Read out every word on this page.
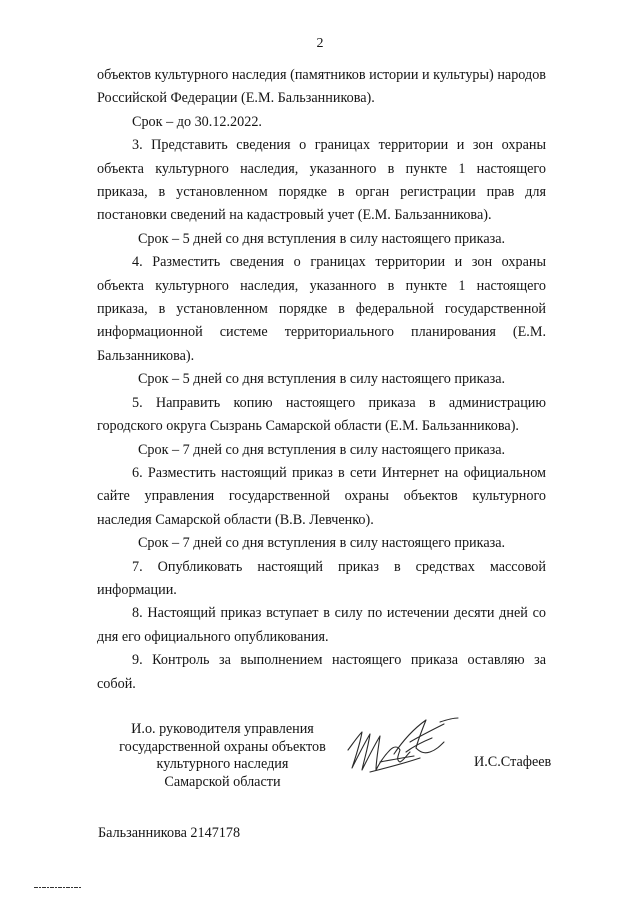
2

объектов культурного наследия (памятников истории и культуры) народов Российской Федерации (Е.М. Бальзанникова).

Срок – до 30.12.2022.

3. Представить сведения о границах территории и зон охраны объекта культурного наследия, указанного в пункте 1 настоящего приказа, в установленном порядке в орган регистрации прав для постановки сведений на кадастровый учет (Е.М. Бальзанникова).

Срок – 5 дней со дня вступления в силу настоящего приказа.

4. Разместить сведения о границах территории и зон охраны объекта культурного наследия, указанного в пункте 1 настоящего приказа, в установленном порядке в федеральной государственной информационной системе территориального планирования (Е.М. Бальзанникова).

Срок – 5 дней со дня вступления в силу настоящего приказа.

5. Направить копию настоящего приказа в администрацию городского округа Сызрань Самарской области (Е.М. Бальзанникова).

Срок – 7 дней со дня вступления в силу настоящего приказа.

6. Разместить настоящий приказ в сети Интернет на официальном сайте управления государственной охраны объектов культурного наследия Самарской области (В.В. Левченко).

Срок – 7 дней со дня вступления в силу настоящего приказа.

7. Опубликовать настоящий приказ в средствах массовой информации.

8. Настоящий приказ вступает в силу по истечении десяти дней со дня его официального опубликования.

9. Контроль за выполнением настоящего приказа оставляю за собой.

И.о. руководителя управления
государственной охраны объектов
культурного наследия
Самарской области
И.С.Стафеев
Бальзанникова 2147178
